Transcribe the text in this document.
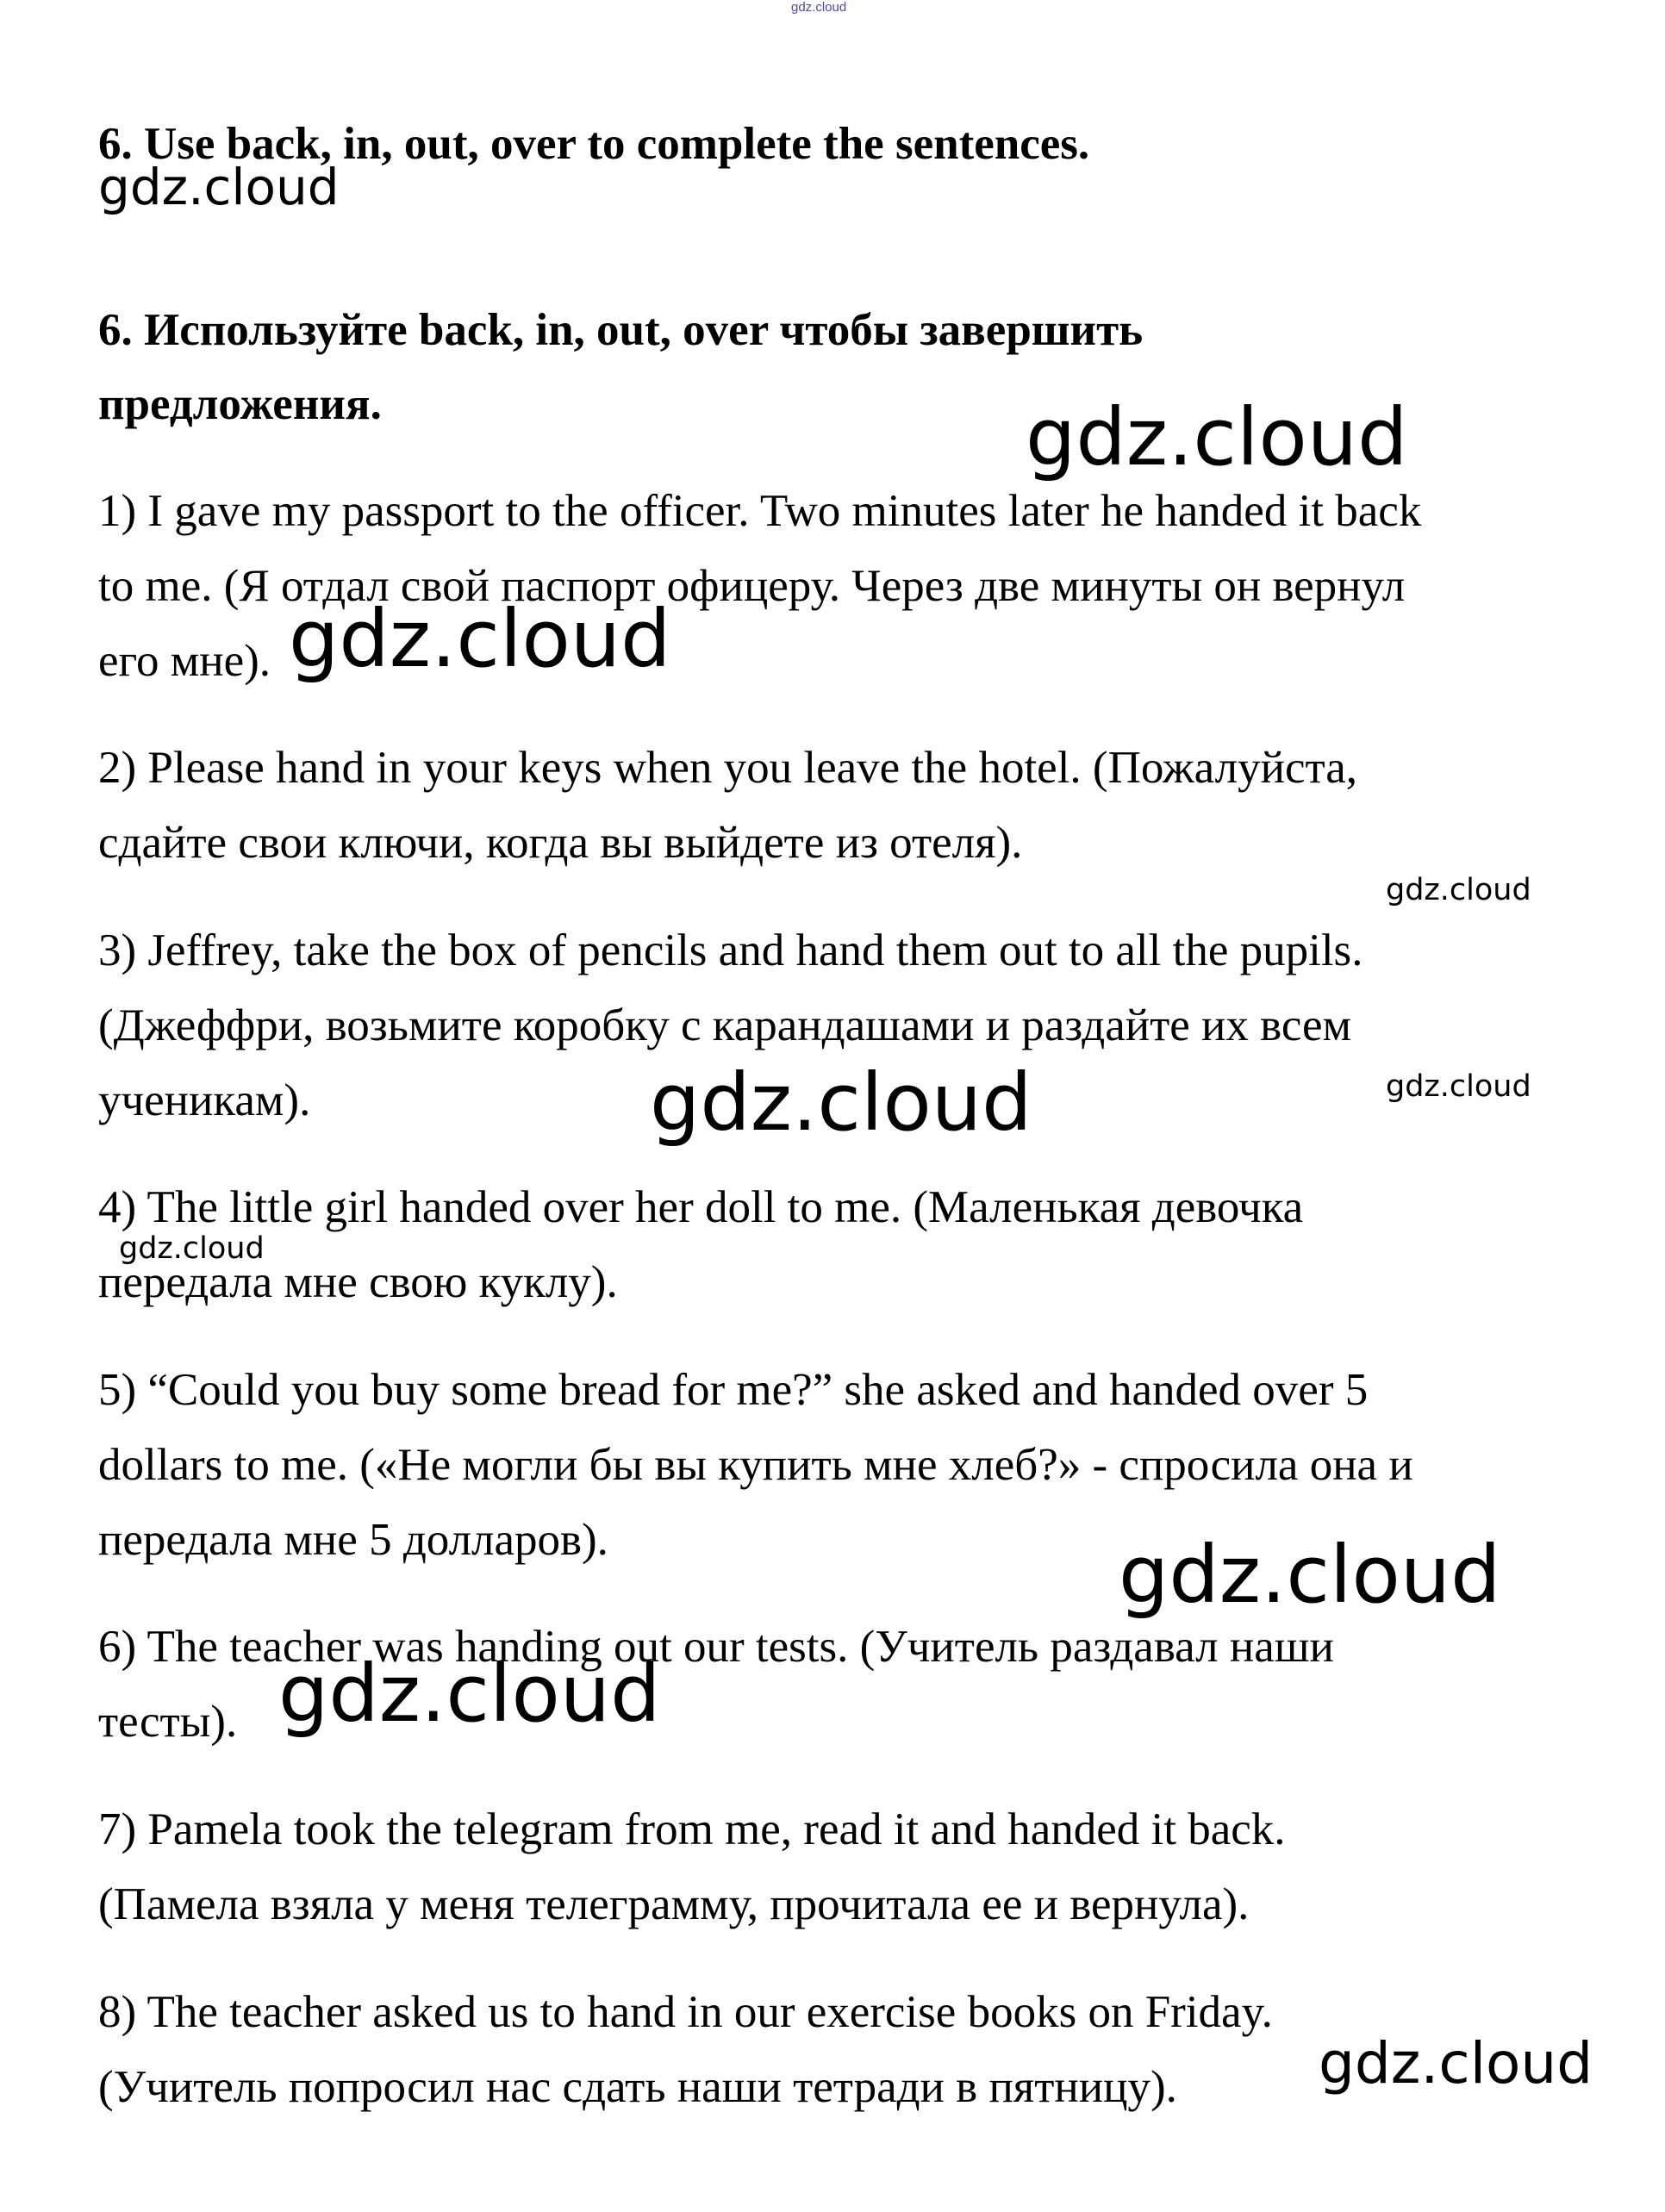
gdz.cloud
6. Use back, in, out, over to complete the sentences.
6. Используйте back, in, out, over чтобы завершить
предложения.
1) I gave my passport to the officer. Two minutes later he handed it back
to me. (Я отдал свой паспорт офицеру. Через две минуты он вернул
его мне).
2) Please hand in your keys when you leave the hotel. (Пожалуйста,
сдайте свои ключи, когда вы выйдете из отеля).
3) Jeffrey, take the box of pencils and hand them out to all the pupils.
(Джеффри, возьмите коробку с карандашами и раздайте их всем
ученикам).
4) The little girl handed over her doll to me. (Маленькая девочка
передала мне свою куклу).
5) “Could you buy some bread for me?” she asked and handed over 5
dollars to me. («Не могли бы вы купить мне хлеб?» - спросила она и
передала мне 5 долларов).
6) The teacher was handing out our tests. (Учитель раздавал наши
тесты).
7) Pamela took the telegram from me, read it and handed it back.
(Памела взяла у меня телеграмму, прочитала ее и вернула).
8) The teacher asked us to hand in our exercise books on Friday.
(Учитель попросил нас сдать наши тетради в пятницу).
gdz.cloud
gdz.cloud
gdz.cloud
gdz.cloud
gdz.cloud	gdz.cloud
gdz.cloud
gdz.cloud
gdz.cloud
gdz.cloud
